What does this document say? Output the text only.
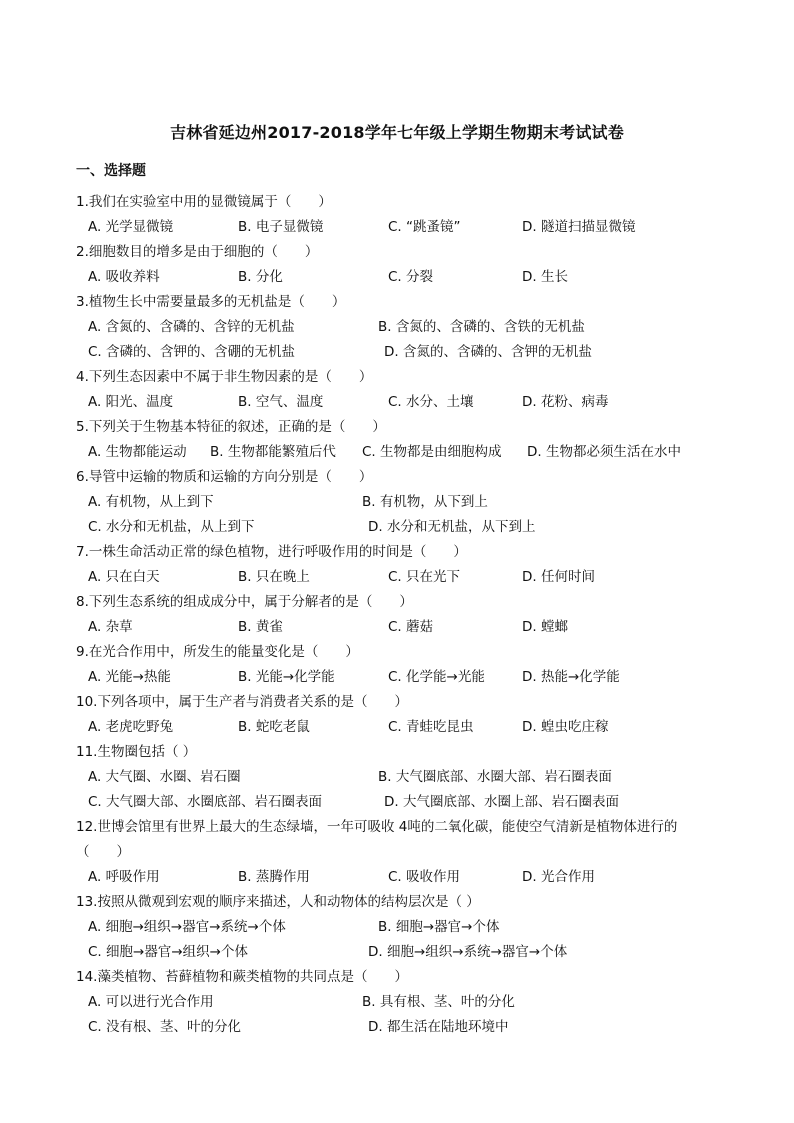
吉林省延边州2017-2018学年七年级上学期生物期末考试试卷
一、选择题
1.我们在实验室中用的显微镜属于（　　）
A. 光学显微镜	B. 电子显微镜	C. “跳蚤镜”	D. 隧道扫描显微镜
2.细胞数目的增多是由于细胞的（　　）
A. 吸收养料	B. 分化	C. 分裂	D. 生长
3.植物生长中需要量最多的无机盐是（　　）
A. 含氮的、含磷的、含锌的无机盐	B. 含氮的、含磷的、含铁的无机盐
C. 含磷的、含钾的、含硼的无机盐	D. 含氮的、含磷的、含钾的无机盐
4.下列生态因素中不属于非生物因素的是（　　）
A. 阳光、温度	B. 空气、温度	C. 水分、土壤	D. 花粉、病毒
5.下列关于生物基本特征的叙述，正确的是（　　）
A. 生物都能运动 B. 生物都能繁殖后代 C. 生物都是由细胞构成 D. 生物都必须生活在水中
6.导管中运输的物质和运输的方向分别是（　　）
A. 有机物，从上到下	B. 有机物，从下到上
C. 水分和无机盐，从上到下	D. 水分和无机盐，从下到上
7.一株生命活动正常的绿色植物，进行呼吸作用的时间是（　　）
A. 只在白天	B. 只在晚上	C. 只在光下	D. 任何时间
8.下列生态系统的组成成分中，属于分解者的是（　　）
A. 杂草	B. 黄雀	C. 蘑菇	D. 螳螂
9.在光合作用中，所发生的能量变化是（　　）
A. 光能→热能	B. 光能→化学能	C. 化学能→光能	D. 热能→化学能
10.下列各项中，属于生产者与消费者关系的是（　　）
A. 老虎吃野兔	B. 蛇吃老鼠	C. 青蛙吃昆虫	D. 蝗虫吃庄稼
11.生物圈包括（ ）
A. 大气圈、水圈、岩石圈	B. 大气圈底部、水圈大部、岩石圈表面
C. 大气圈大部、水圈底部、岩石圈表面	D. 大气圈底部、水圈上部、岩石圈表面
12.世博会馆里有世界上最大的生态绿墙，一年可吸收 4吨的二氧化碳，能使空气清新是植物体进行的（　　）
A. 呼吸作用	B. 蒸腾作用	C. 吸收作用	D. 光合作用
13.按照从微观到宏观的顺序来描述，人和动物体的结构层次是（ ）
A. 细胞→组织→器官→系统→个体	B. 细胞→器官→个体
C. 细胞→器官→组织→个体	D. 细胞→组织→系统→器官→个体
14.藻类植物、苔藓植物和蕨类植物的共同点是（　　）
A. 可以进行光合作用	B. 具有根、茎、叶的分化
C. 没有根、茎、叶的分化	D. 都生活在陆地环境中
